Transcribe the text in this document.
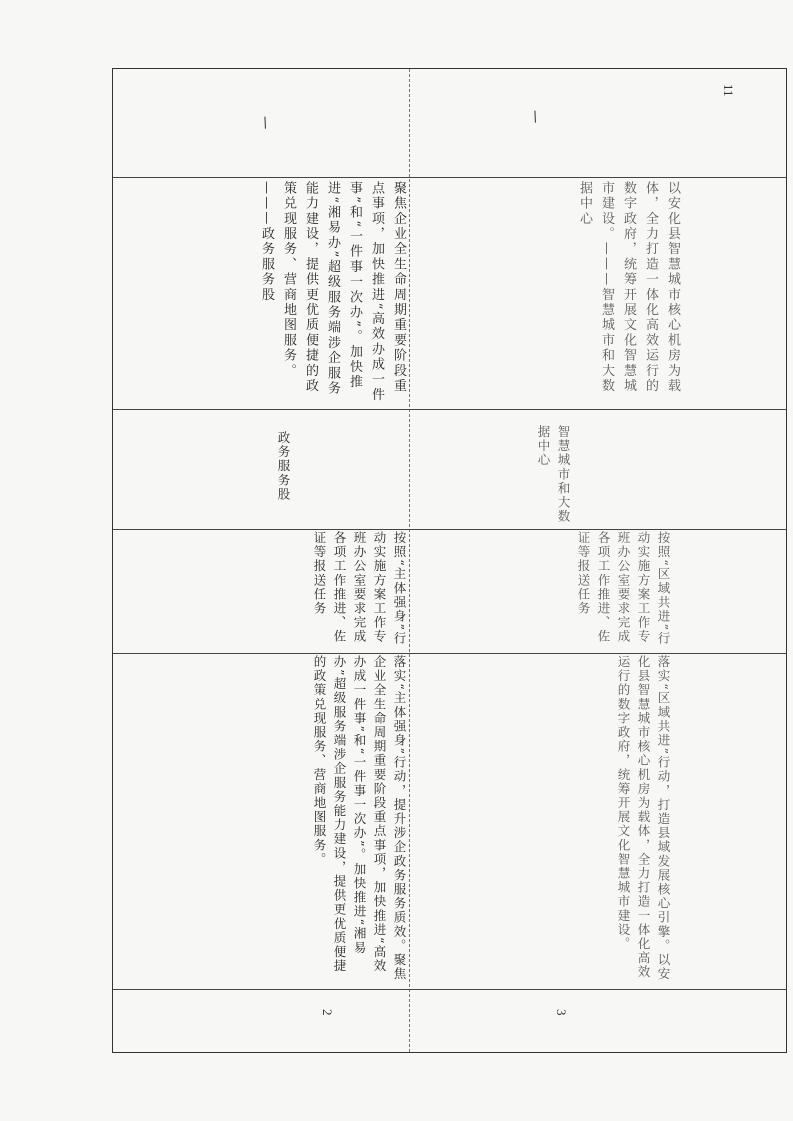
11
落实“主体强身”行动，提升涉企政务服务质效。聚焦企业全生命周期重要阶段重点事项，加快推进“高效办成一件事”和“一件事一次办”。加快推进“湘易办”超级服务端涉企服务能力建设，提供更优质便捷的政策兑现服务、营商地图服务。
按照“主体强身”行动实施方案工作专班办公室要求完成各项工作推进、佐证等报送任务
政务服务股
聚焦企业全生命周期重要阶段重点事项，加快推进“高效办成一件事”和“一件事一次办”。加快推进“湘易办”超级服务端涉企服务能力建设，提供更优质便捷的政策兑现服务、营商地图服务。———政务服务股
/
2
落实“区域共进”行动，打造县域发展核心引擎。以安化县智慧城市核心机房为载体，全力打造一体化高效运行的数字政府，统筹开展文化智慧城市建设。
按照“区域共进”行动实施方案工作专班办公室要求完成各项工作推进、佐证等报送任务
智慧城市和大数据中心
以安化县智慧城市核心机房为载体，全力打造一体化高效运行的数字政府，统筹开展文化智慧城市建设。———智慧城市和大数据中心
/
3
